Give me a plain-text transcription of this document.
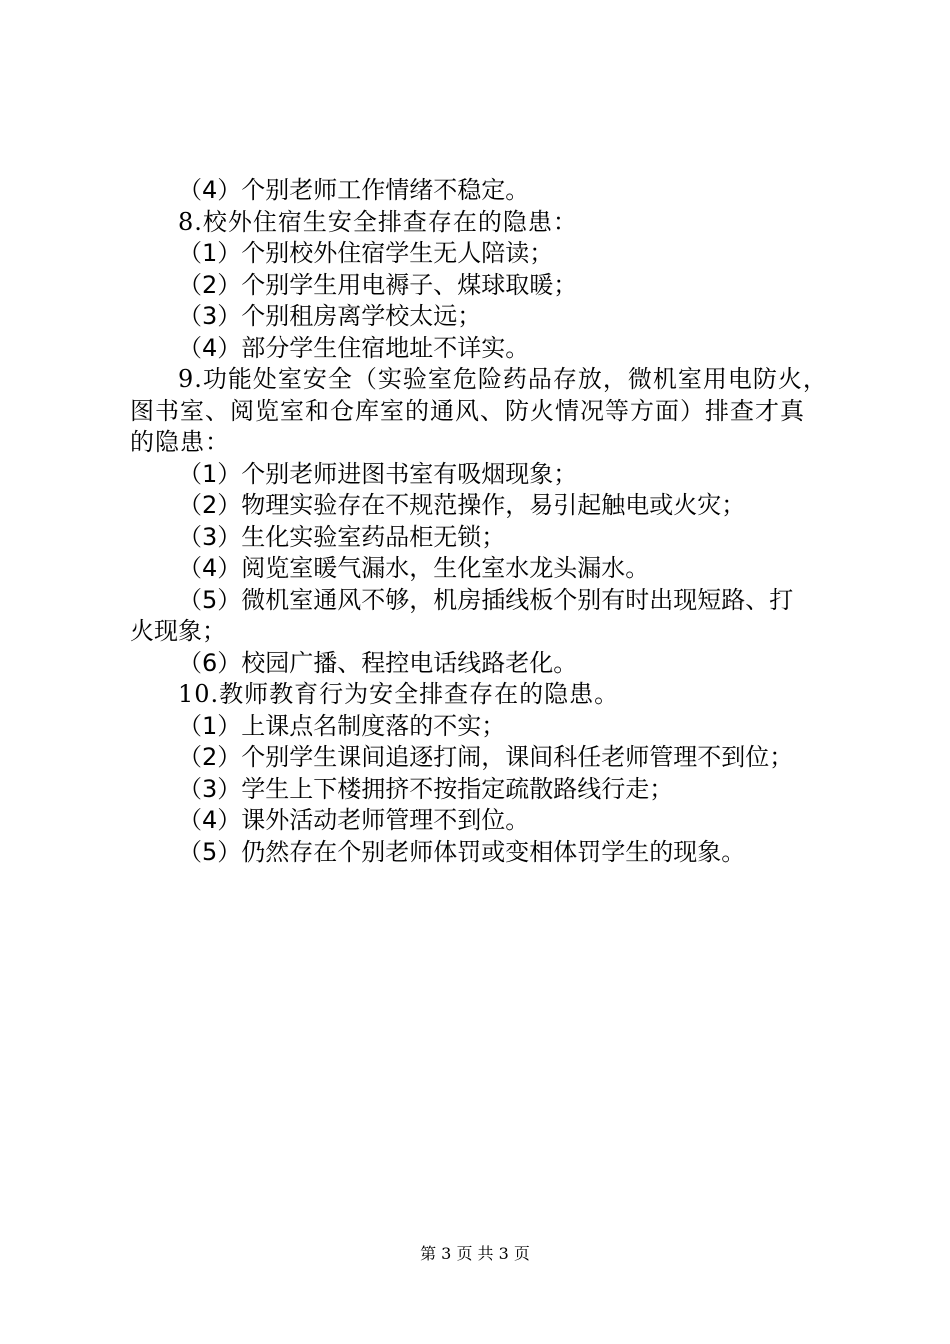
（4）个别老师工作情绪不稳定。
8.校外住宿生安全排查存在的隐患：
（1）个别校外住宿学生无人陪读；
（2）个别学生用电褥子、煤球取暖；
（3）个别租房离学校太远；
（4）部分学生住宿地址不详实。
9.功能处室安全（实验室危险药品存放，微机室用电防火，
图书室、阅览室和仓库室的通风、防火情况等方面）排查才真
的隐患：
（1）个别老师进图书室有吸烟现象；
（2）物理实验存在不规范操作，易引起触电或火灾；
（3）生化实验室药品柜无锁；
（4）阅览室暖气漏水，生化室水龙头漏水。
（5）微机室通风不够，机房插线板个别有时出现短路、打
火现象；
（6）校园广播、程控电话线路老化。
10.教师教育行为安全排查存在的隐患。
（1）上课点名制度落的不实；
（2）个别学生课间追逐打闹，课间科任老师管理不到位；
（3）学生上下楼拥挤不按指定疏散路线行走；
（4）课外活动老师管理不到位。
（5）仍然存在个别老师体罚或变相体罚学生的现象。
第 3 页 共 3 页
